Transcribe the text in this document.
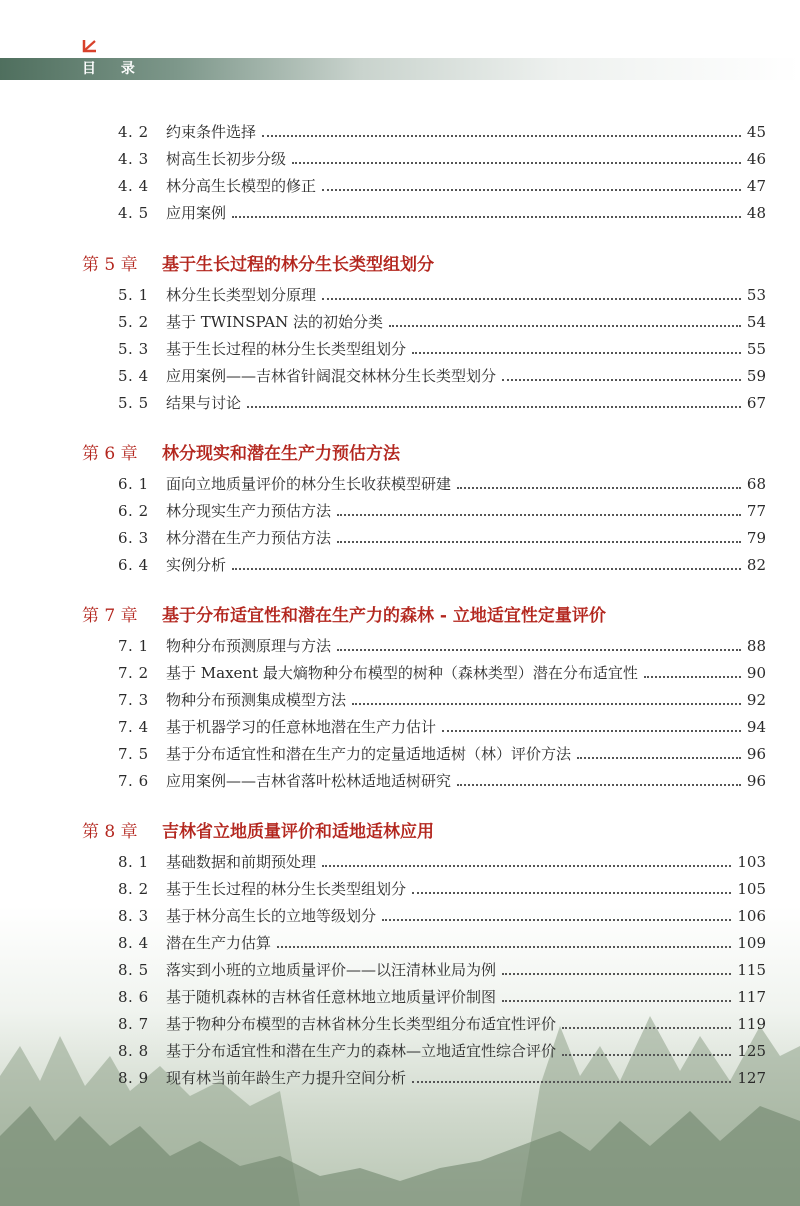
目 录
4. 2	约束条件选择	45
4. 3	树高生长初步分级	46
4. 4	林分高生长模型的修正	47
4. 5	应用案例	48
第 5 章	基于生长过程的林分生长类型组划分
5. 1	林分生长类型划分原理	53
5. 2	基于 TWINSPAN 法的初始分类	54
5. 3	基于生长过程的林分生长类型组划分	55
5. 4	应用案例——吉林省针阔混交林林分生长类型划分	59
5. 5	结果与讨论	67
第 6 章	林分现实和潜在生产力预估方法
6. 1	面向立地质量评价的林分生长收获模型研建	68
6. 2	林分现实生产力预估方法	77
6. 3	林分潜在生产力预估方法	79
6. 4	实例分析	82
第 7 章	基于分布适宜性和潜在生产力的森林 - 立地适宜性定量评价
7. 1	物种分布预测原理与方法	88
7. 2	基于 Maxent 最大熵物种分布模型的树种（森林类型）潜在分布适宜性	90
7. 3	物种分布预测集成模型方法	92
7. 4	基于机器学习的任意林地潜在生产力估计	94
7. 5	基于分布适宜性和潜在生产力的定量适地适树（林）评价方法	96
7. 6	应用案例——吉林省落叶松林适地适树研究	96
第 8 章	吉林省立地质量评价和适地适林应用
8. 1	基础数据和前期预处理	103
8. 2	基于生长过程的林分生长类型组划分	105
8. 3	基于林分高生长的立地等级划分	106
8. 4	潜在生产力估算	109
8. 5	落实到小班的立地质量评价——以汪清林业局为例	115
8. 6	基于随机森林的吉林省任意林地立地质量评价制图	117
8. 7	基于物种分布模型的吉林省林分生长类型组分布适宜性评价	119
8. 8	基于分布适宜性和潜在生产力的森林—立地适宜性综合评价	125
8. 9	现有林当前年龄生产力提升空间分析	127
